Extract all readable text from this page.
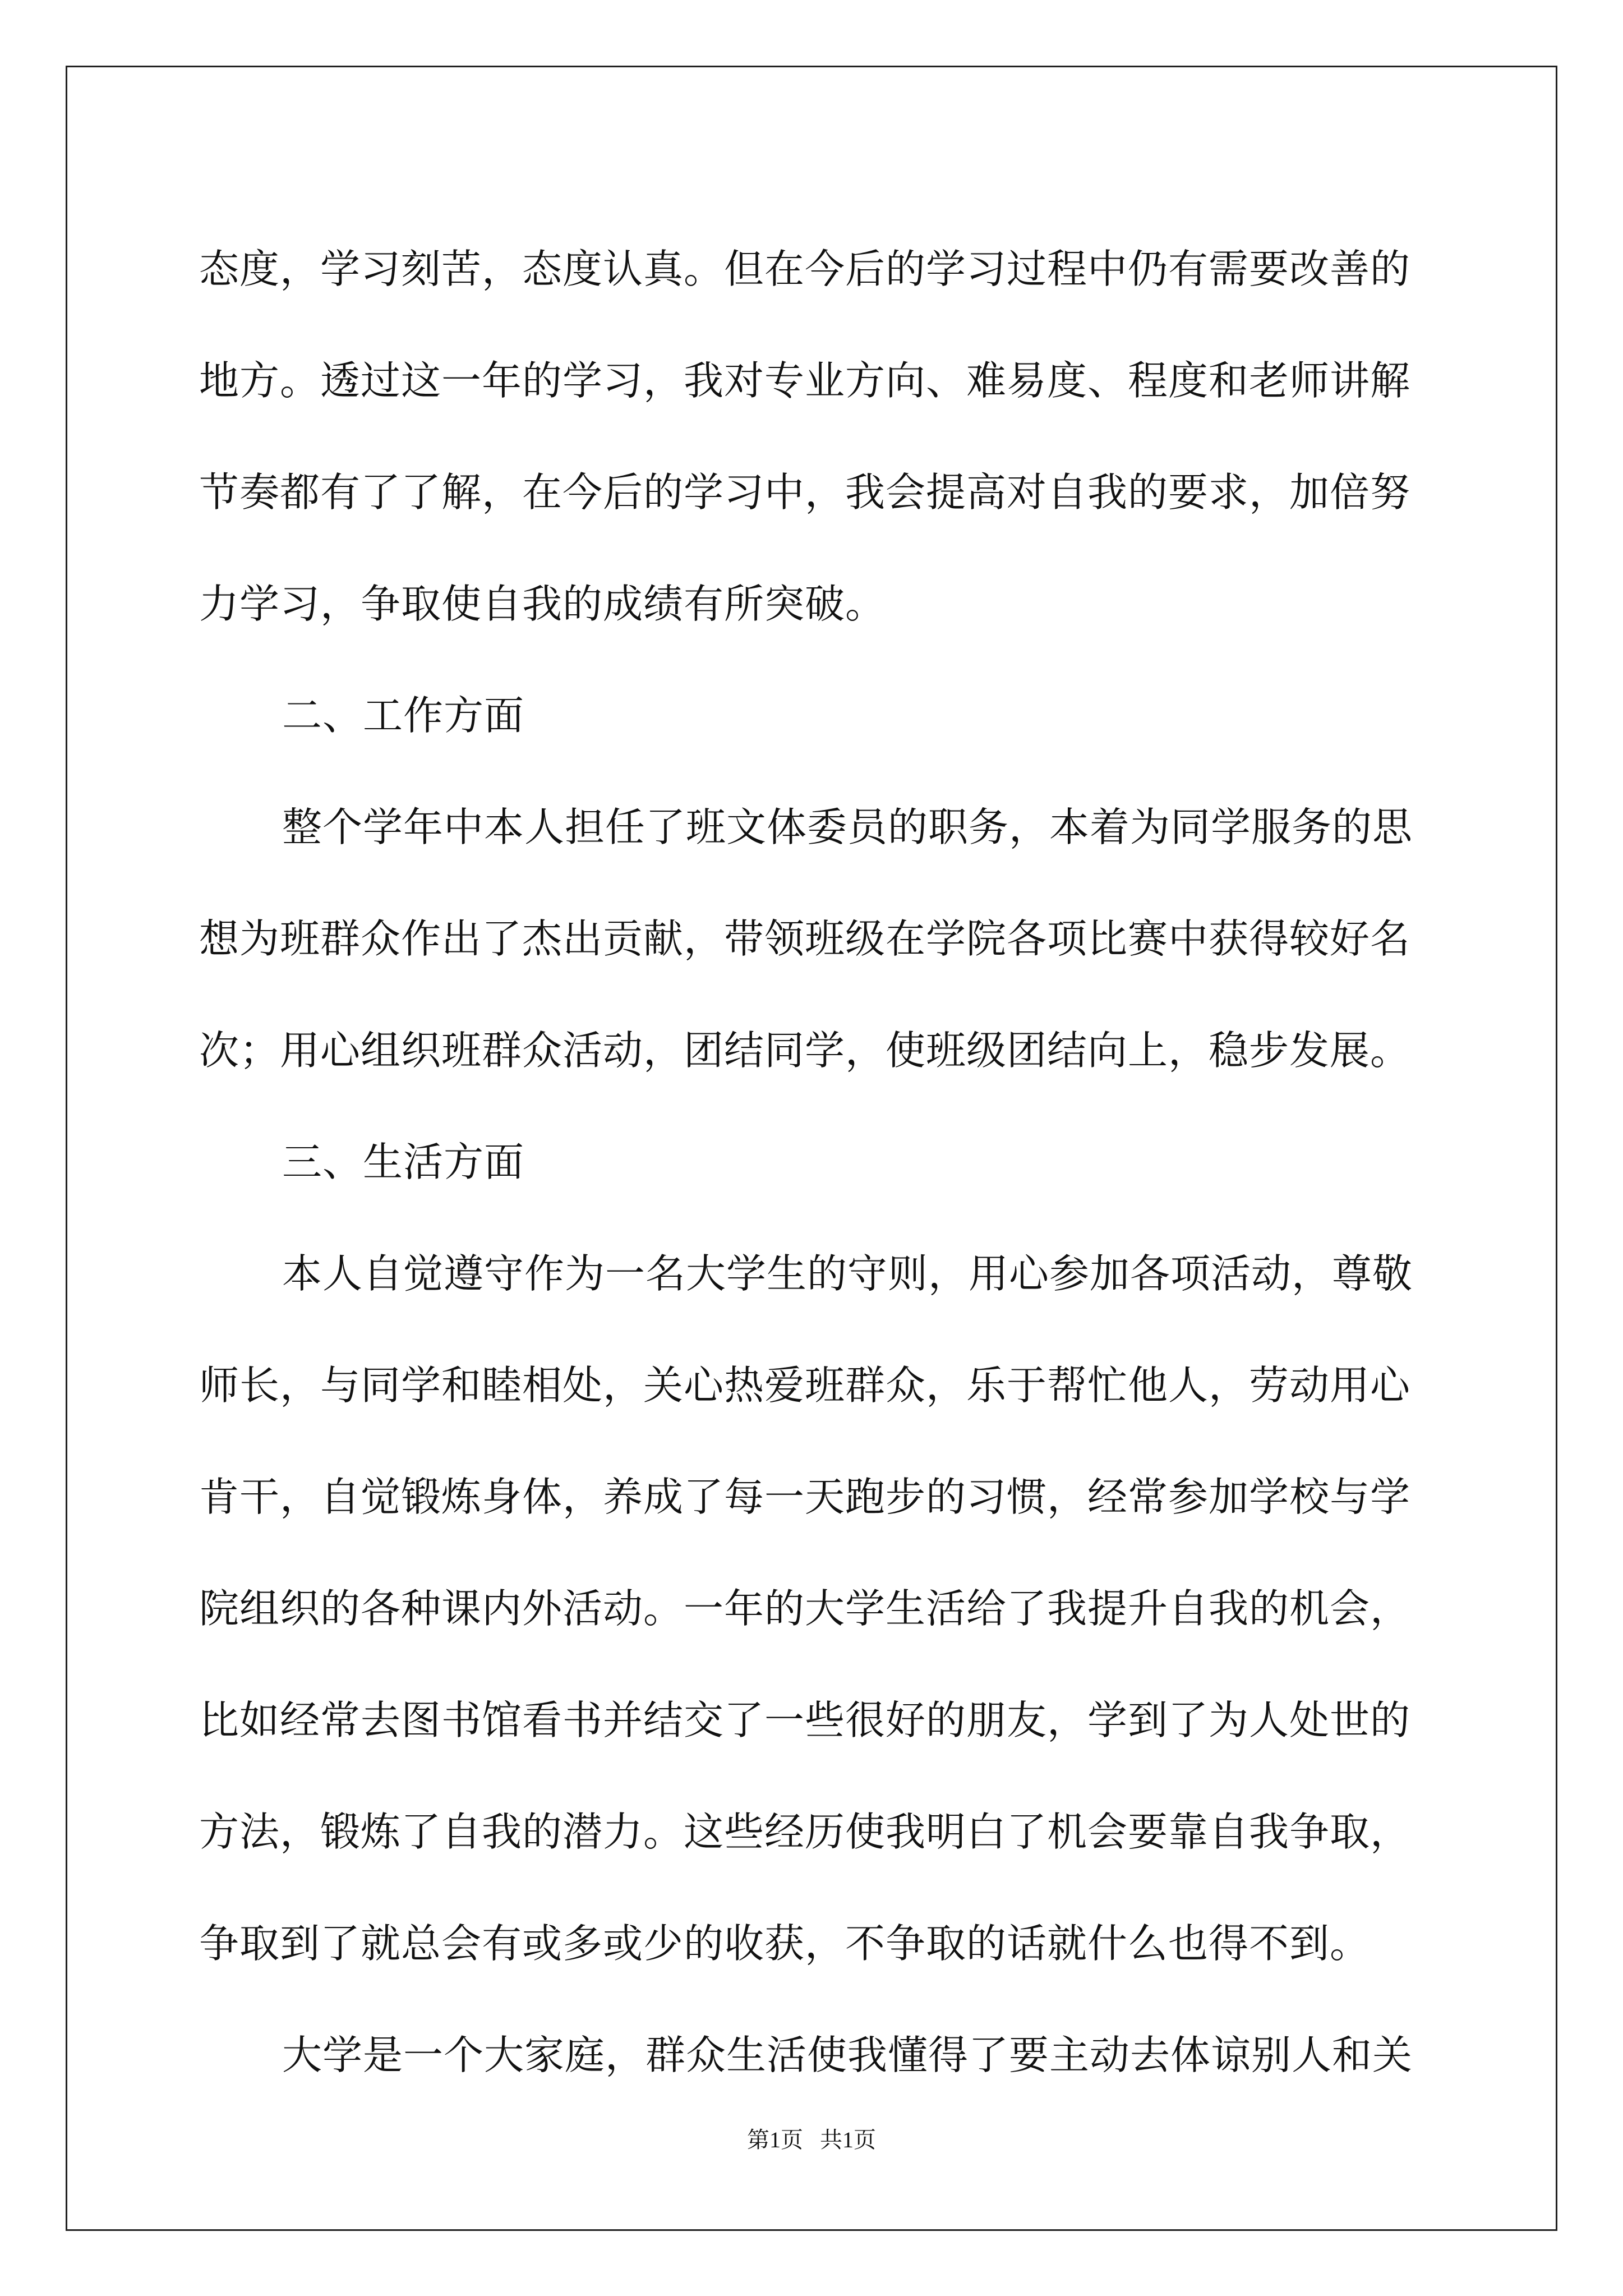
态度，学习刻苦，态度认真。但在今后的学习过程中仍有需要改善的

地方。透过这一年的学习，我对专业方向、难易度、程度和老师讲解

节奏都有了了解，在今后的学习中，我会提高对自我的要求，加倍努

力学习，争取使自我的成绩有所突破。

二、工作方面

整个学年中本人担任了班文体委员的职务，本着为同学服务的思

想为班群众作出了杰出贡献，带领班级在学院各项比赛中获得较好名

次；用心组织班群众活动，团结同学，使班级团结向上，稳步发展。

三、生活方面

本人自觉遵守作为一名大学生的守则，用心参加各项活动，尊敬

师长，与同学和睦相处，关心热爱班群众，乐于帮忙他人，劳动用心

肯干，自觉锻炼身体，养成了每一天跑步的习惯，经常参加学校与学

院组织的各种课内外活动。一年的大学生活给了我提升自我的机会，

比如经常去图书馆看书并结交了一些很好的朋友，学到了为人处世的

方法，锻炼了自我的潜力。这些经历使我明白了机会要靠自我争取，

争取到了就总会有或多或少的收获，不争取的话就什么也得不到。

大学是一个大家庭，群众生活使我懂得了要主动去体谅别人和关

第1页 共1页
